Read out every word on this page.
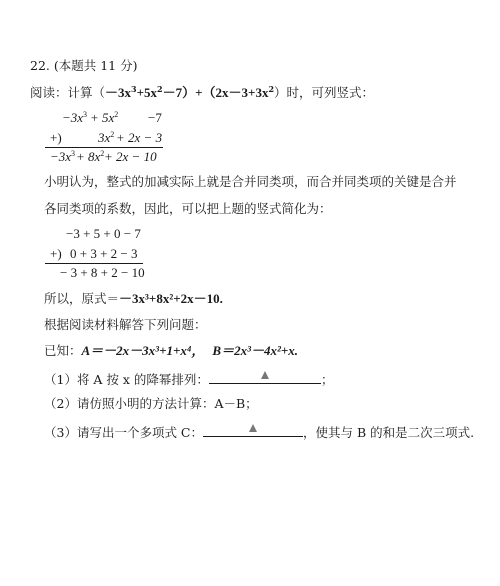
22. (本题共 11 分)
阅读：计算$(-3x^3+5x^2-7)+(2x-3+3x^2)$时，可列竖式：
$-3x^3 + 5x^2 -7$
+)	$3x^2 + 2x - 3$
$-3x^3 + 8x^2 + 2x - 10$
小明认为，整式的加减实际上就是合并同类项，而合并同类项的关键是合并
各同类项的系数，因此，可以把上题的竖式简化为：
−3 + 5 + 0 − 7
+) 0 + 3 + 2 − 3
− 3 + 8 + 2 − 10
所以，原式＝－3x³+8x²+2x－10.
根据阅读材料解答下列问题：
已知：A＝－2x－3x³+1+x⁴， B＝2x³－4x²+x.
（1）将 A 按 x 的降幂排列：	；
（2）请仿照小明的方法计算：A－B；
（3）请写出一个多项式 C：	，使其与 B 的和是二次三项式.
